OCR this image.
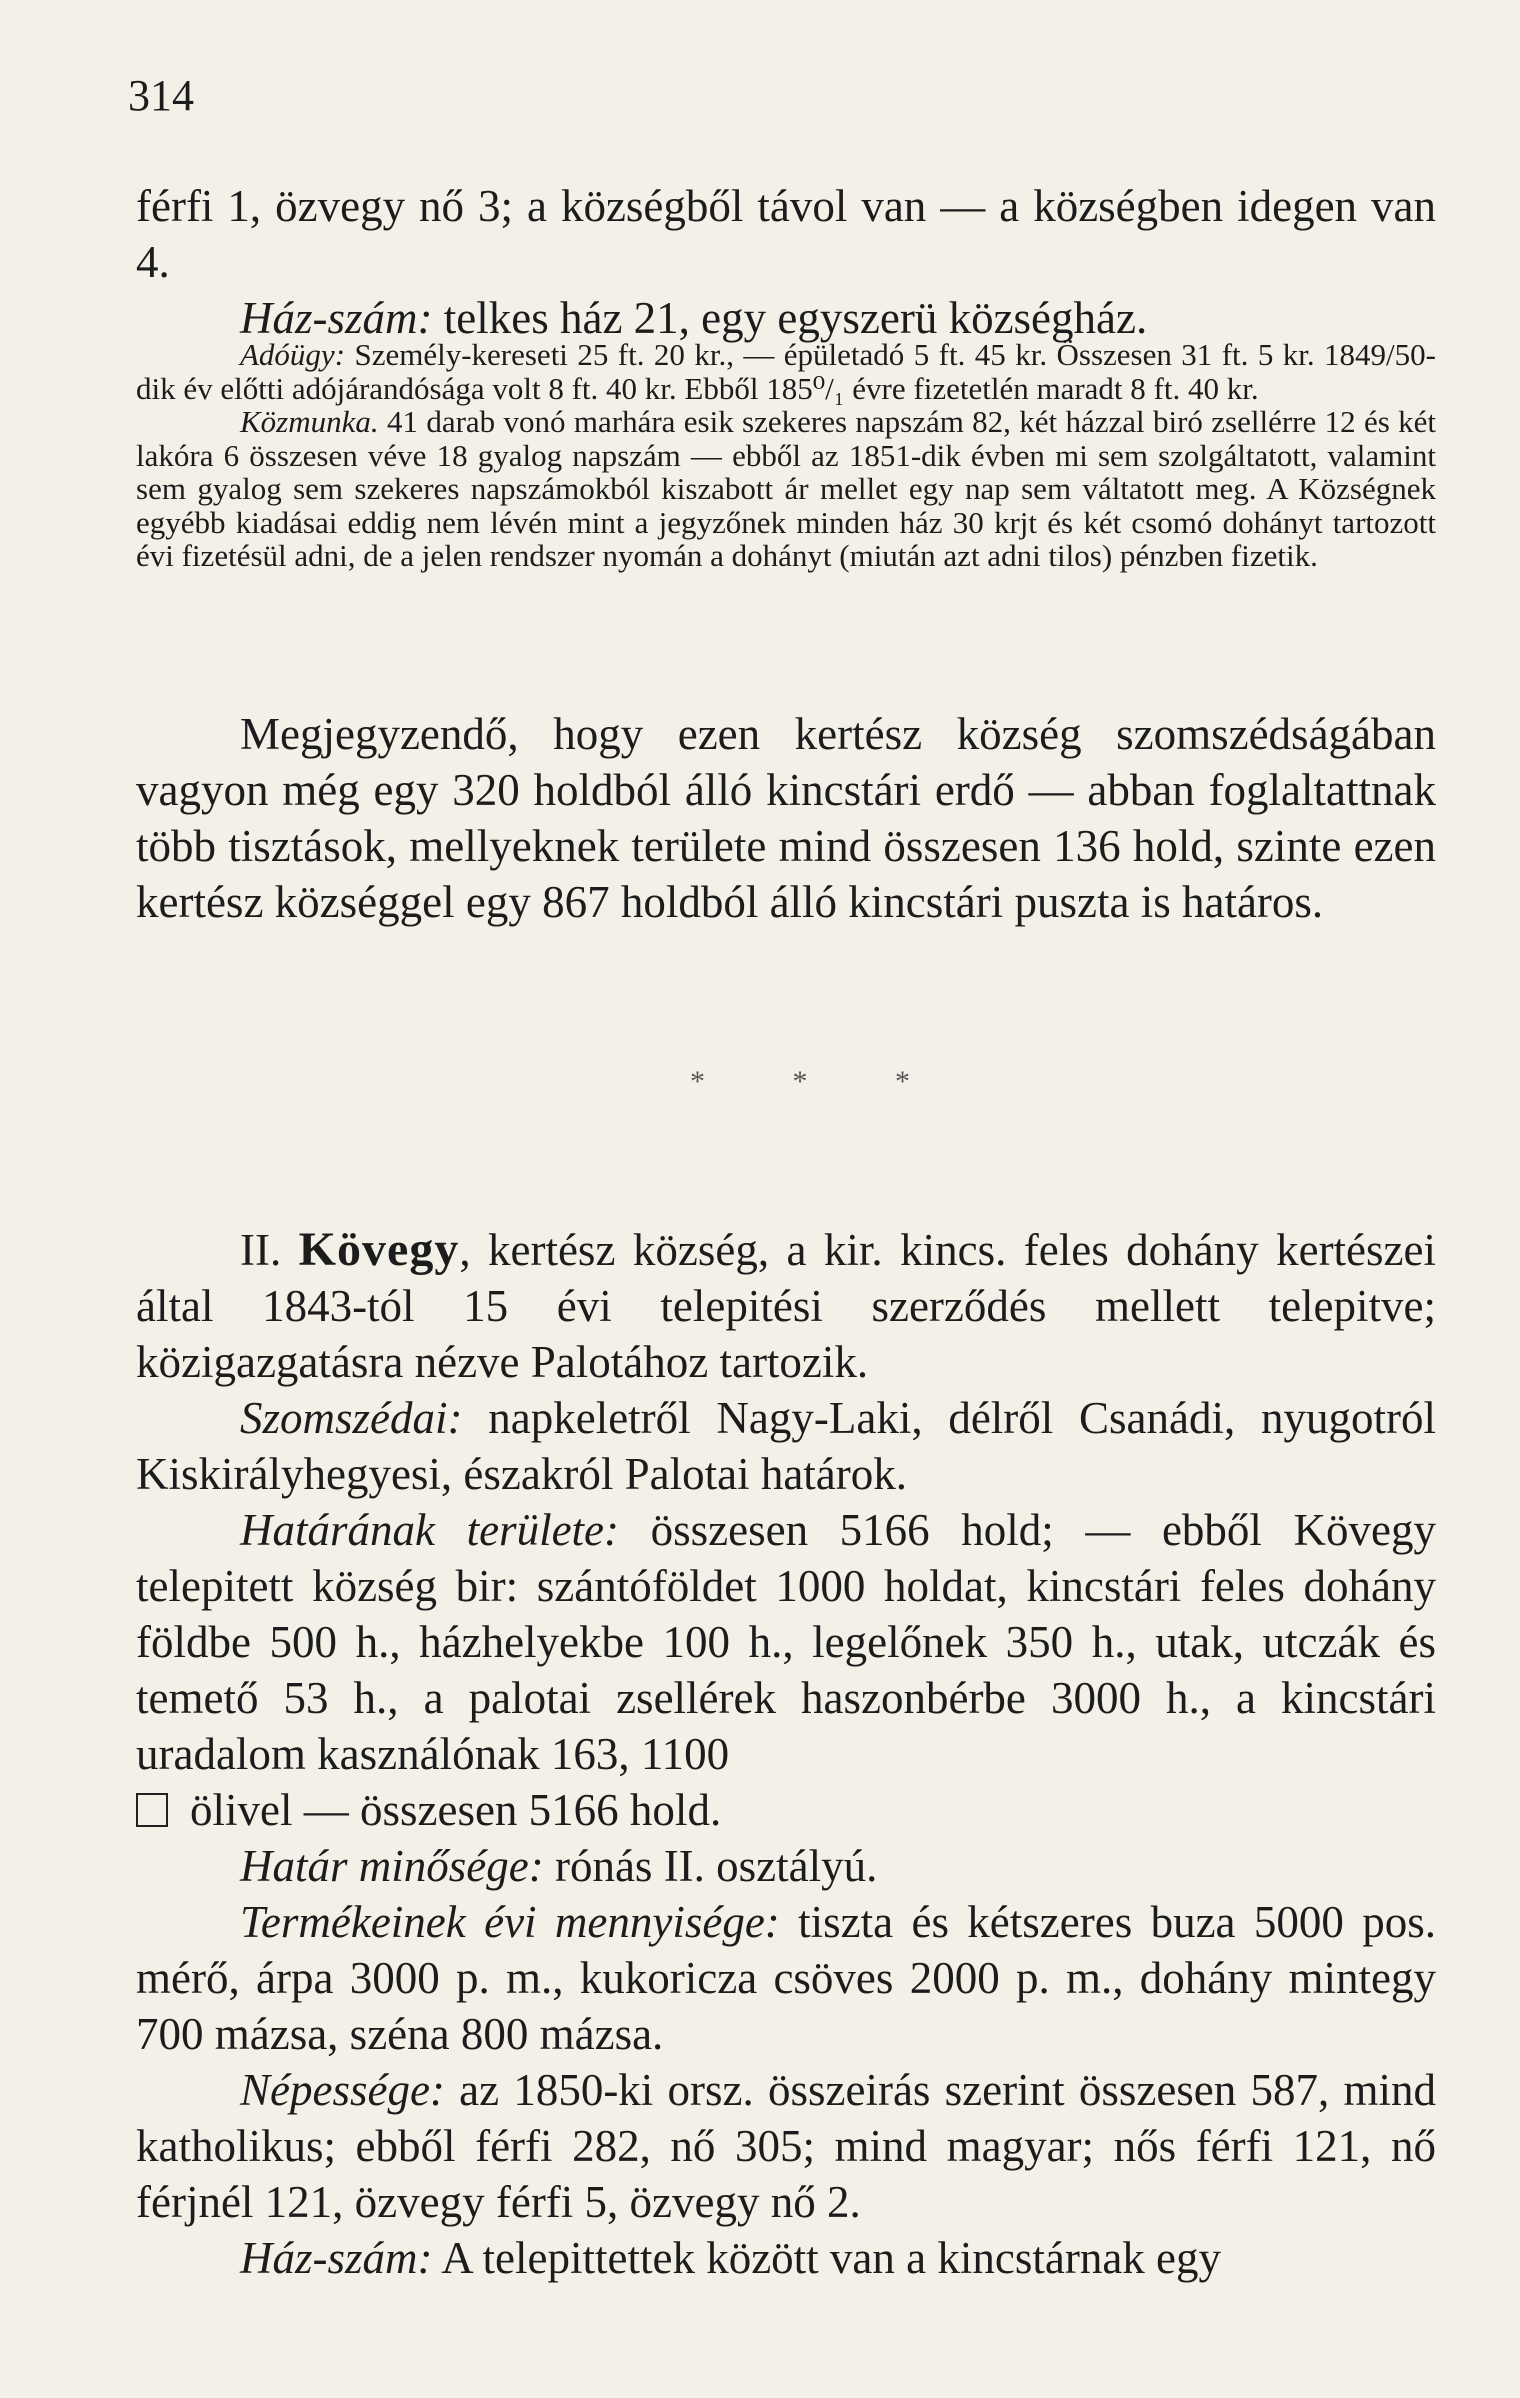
314

férfi 1, özvegy nő 3; a községből távol van — a községben idegen van 4.

Ház-szám: telkes ház 21, egy egyszerü községház.

Adóügy: Személy-kereseti 25 ft. 20 kr., — épületadó 5 ft. 45 kr. Összesen 31 ft. 5 kr. 1849/50-dik év előtti adójárandósága volt 8 ft. 40 kr. Ebből 185⁰/₁ évre fizetetlén maradt 8 ft. 40 kr.

Közmunka. 41 darab vonó marhára esik szekeres napszám 82, két házzal biró zsellérre 12 és két lakóra 6 összesen véve 18 gyalog napszám — ebből az 1851-dik évben mi sem szolgáltatott, valamint sem gyalog sem szekeres napszámokból kiszabott ár mellet egy nap sem váltatott meg. A Községnek egyébb kiadásai eddig nem lévén mint a jegyzőnek minden ház 30 krjt és két csomó dohányt tartozott évi fizetésül adni, de a jelen rendszer nyomán a dohányt (miután azt adni tilos) pénzben fizetik.

Megjegyzendő, hogy ezen kertész község szomszédságában vagyon még egy 320 holdból álló kincstári erdő — abban foglaltattnak több tisztások, mellyeknek területe mind összesen 136 hold, szinte ezen kertész községgel egy 867 holdból álló kincstári puszta is határos.

* * *

II. Kövegy, kertész község, a kir. kincs. feles dohány kertészei által 1843-tól 15 évi telepitési szerződés mellett telepitve; közigazgatásra nézve Palotához tartozik.

Szomszédai: napkeletről Nagy-Laki, délről Csanádi, nyugotról Kiskirályhegyesi, északról Palotai határok.

Határának területe: összesen 5166 hold; — ebből Kövegy telepitett község bir: szántóföldet 1000 holdat, kincstári feles dohány földbe 500 h., házhelyekbe 100 h., legelőnek 350 h., utak, utczák és temető 53 h., a palotai zsellérek haszonbérbe 3000 h., a kincstári uradalom kasználónak 163, 1100

ölivel — összesen 5166 hold.

Határ minősége: rónás II. osztályú.

Termékeinek évi mennyisége: tiszta és kétszeres buza 5000 pos. mérő, árpa 3000 p. m., kukoricza csöves 2000 p. m., dohány mintegy 700 mázsa, széna 800 mázsa.

Népessége: az 1850-ki orsz. összeirás szerint összesen 587, mind katholikus; ebből férfi 282, nő 305; mind magyar; nős férfi 121, nő férjnél 121, özvegy férfi 5, özvegy nő 2.

Ház-szám: A telepittettek között van a kincstárnak egy
